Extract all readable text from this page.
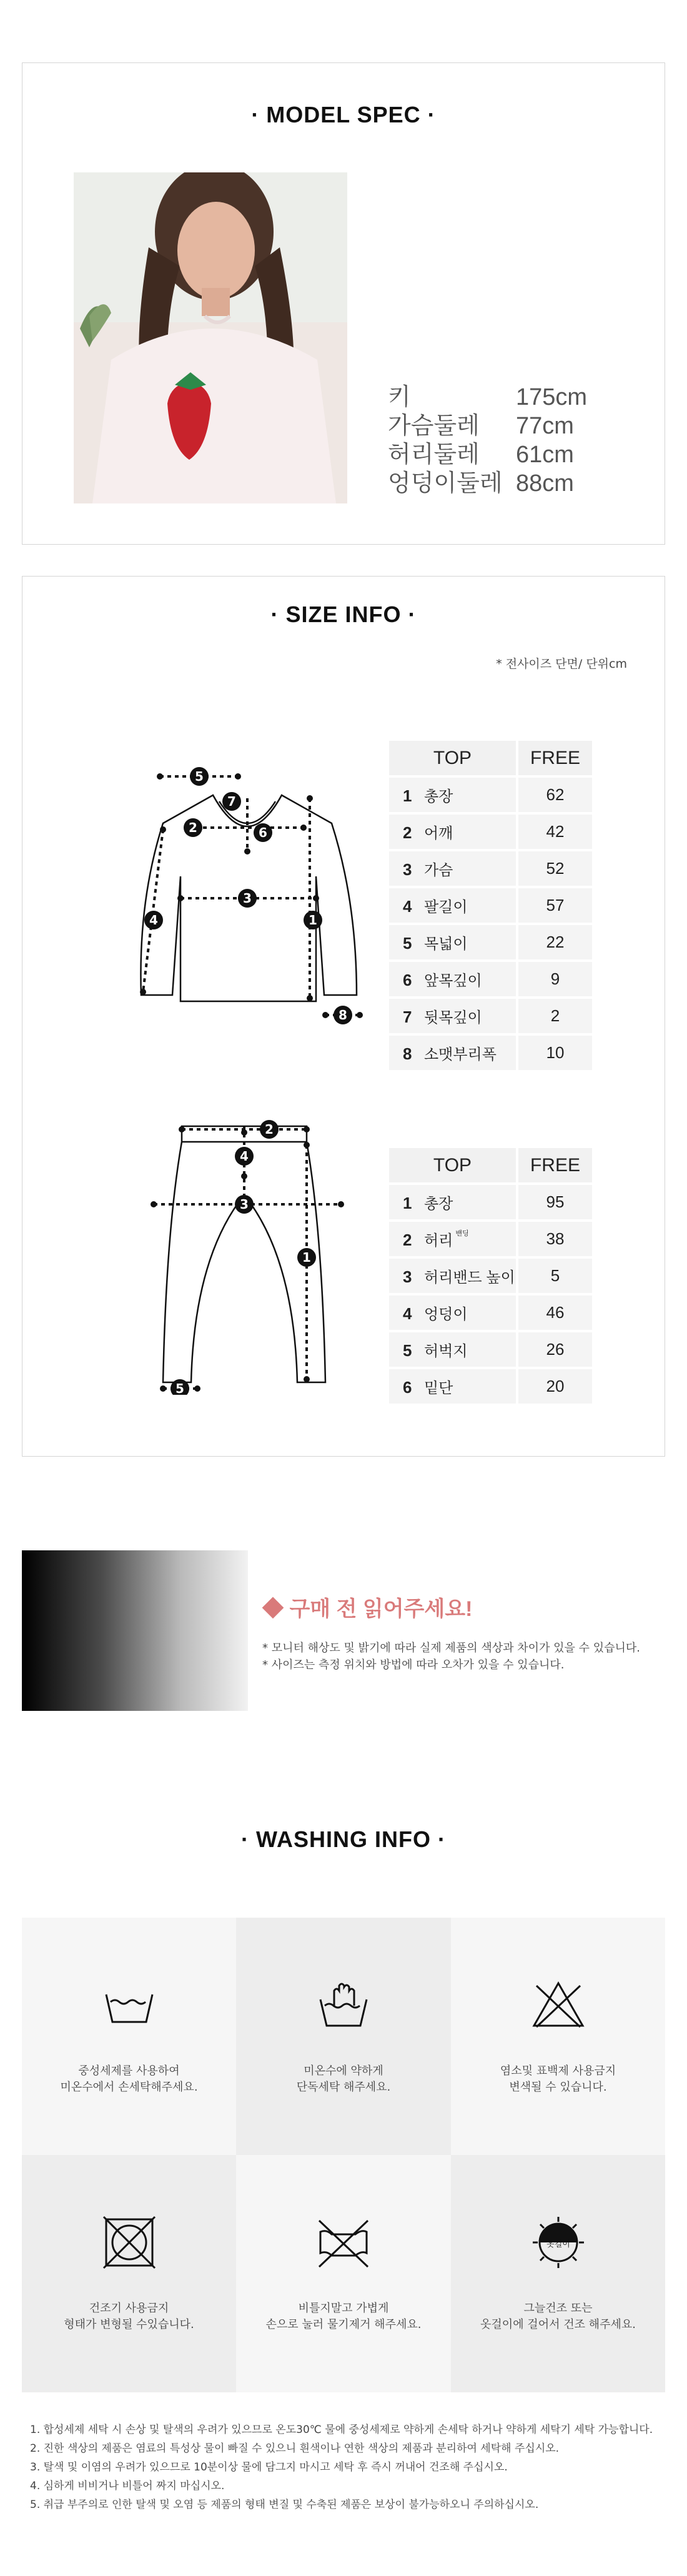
· MODEL SPEC ·
키	175cm
가슴둘레	77cm
허리둘레	61cm
엉덩이둘레 88cm
· SIZE INFO ·
* 전사이즈 단면/ 단위cm
1
2
3
4
5
6
7
8
TOP	FREE
1 총장	62
2 어깨	42
3 가슴	52
4 팔길이	57
5 목넓이	22
6 앞목깊이	9
7 뒷목깊이	2
8 소맷부리폭	10
1
2
3
4
5
TOP	FREE
1 총장	95
2 허리 $^{밴딩}$	38
3 허리밴드 높이	5
4 엉덩이	46
5 허벅지	26
6 밑단	20
◆ 구매 전 읽어주세요!
* 모니터 해상도 및 밝기에 따라 실제 제품의 색상과 차이가 있을 수 있습니다.
* 사이즈는 측정 위치와 방법에 따라 오차가 있을 수 있습니다.
· WASHING INFO ·
중성세제를 사용하여
미온수에서 손세탁해주세요.
미온수에 약하게
단독세탁 해주세요.
염소및 표백제 사용금지
변색될 수 있습니다.
건조기 사용금지
형태가 변형될 수있습니다.
비틀지말고 가볍게
손으로 눌러 물기제거 해주세요.
옷걸이
그늘건조 또는
옷걸이에 걸어서 건조 해주세요.
1. 합성세제 세탁 시 손상 및 탈색의 우려가 있으므로 온도30℃ 물에 중성세제로 약하게 손세탁 하거나 약하게 세탁기 세탁 가능합니다.
2. 진한 색상의 제품은 염료의 특성상 물이 빠질 수 있으니 흰색이나 연한 색상의 제품과 분리하여 세탁해 주십시오.
3. 탈색 및 이염의 우려가 있으므로 10분이상 물에 담그지 마시고 세탁 후 즉시 꺼내어 건조해 주십시오.
4. 심하게 비비거나 비틀어 짜지 마십시오.
5. 취급 부주의로 인한 탈색 및 오염 등 제품의 형태 변질 및 수축된 제품은 보상이 불가능하오니 주의하십시오.
